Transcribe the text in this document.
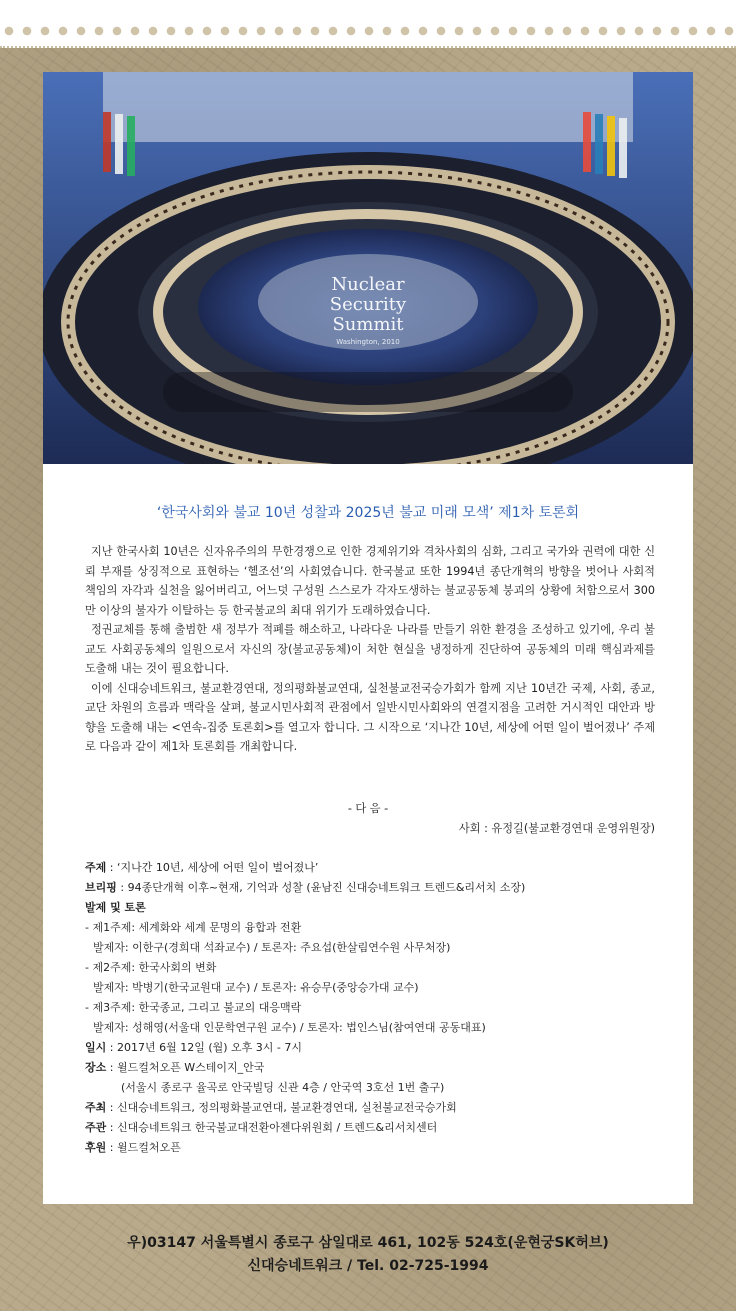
Nuclear
Security
Summit
Washington, 2010
‘한국사회와 불교 10년 성찰과 2025년 불교 미래 모색’ 제1차 토론회

지난 한국사회 10년은 신자유주의의 무한경쟁으로 인한 경제위기와 격차사회의 심화, 그리고 국가와 권력에 대한 신뢰 부재를 상징적으로 표현하는 ‘헬조선’의 사회였습니다. 한국불교 또한 1994년 종단개혁의 방향을 벗어나 사회적 책임의 자각과 실천을 잃어버리고, 어느덧 구성원 스스로가 각자도생하는 불교공동체 붕괴의 상황에 처함으로서 300만 이상의 불자가 이탈하는 등 한국불교의 최대 위기가 도래하였습니다.

정권교체를 통해 출범한 새 정부가 적폐를 해소하고, 나라다운 나라를 만들기 위한 환경을 조성하고 있기에, 우리 불교도 사회공동체의 일원으로서 자신의 장(불교공동체)이 처한 현실을 냉정하게 진단하여 공동체의 미래 핵심과제를 도출해 내는 것이 필요합니다.

이에 신대승네트워크, 불교환경연대, 정의평화불교연대, 실천불교전국승가회가 함께 지난 10년간 국제, 사회, 종교, 교단 차원의 흐름과 맥락을 살펴, 불교시민사회적 관점에서 일반시민사회와의 연결지점을 고려한 거시적인 대안과 방향을 도출해 내는 <연속-집중 토론회>를 열고자 합니다. 그 시작으로 ‘지나간 10년, 세상에 어떤 일이 벌어졌나’ 주제로 다음과 같이 제1차 토론회를 개최합니다.

- 다 음 -
사회 : 유정길(불교환경연대 운영위원장)
주제 : ‘지나간 10년, 세상에 어떤 일이 벌어졌나’
브리핑 : 94종단개혁 이후~현재, 기억과 성찰 (윤남진 신대승네트워크 트렌드&리서치 소장)
발제 및 토론
- 제1주제: 세계화와 세계 문명의 융합과 전환
발제자: 이한구(경희대 석좌교수) / 토론자: 주요섭(한살림연수원 사무처장)
- 제2주제: 한국사회의 변화
발제자: 박병기(한국교원대 교수) / 토론자: 유승무(중앙승가대 교수)
- 제3주제: 한국종교, 그리고 불교의 대응맥락
발제자: 성해영(서울대 인문학연구원 교수) / 토론자: 법인스님(참여연대 공동대표)
일시 : 2017년 6월 12일 (월) 오후 3시 - 7시
장소 : 윌드컬처오픈 W스테이지_안국
(서울시 종로구 율곡로 안국빌딩 신관 4층 / 안국역 3호선 1번 출구)
주최 : 신대승네트워크, 정의평화불교연대, 불교환경연대, 실천불교전국승가회
주관 : 신대승네트워크 한국불교대전환아젠다위원회 / 트렌드&리서치센터
후원 : 윌드컬처오픈
우)03147 서울특별시 종로구 삼일대로 461, 102동 524호(운현궁SK허브)
신대승네트워크 / Tel. 02-725-1994
